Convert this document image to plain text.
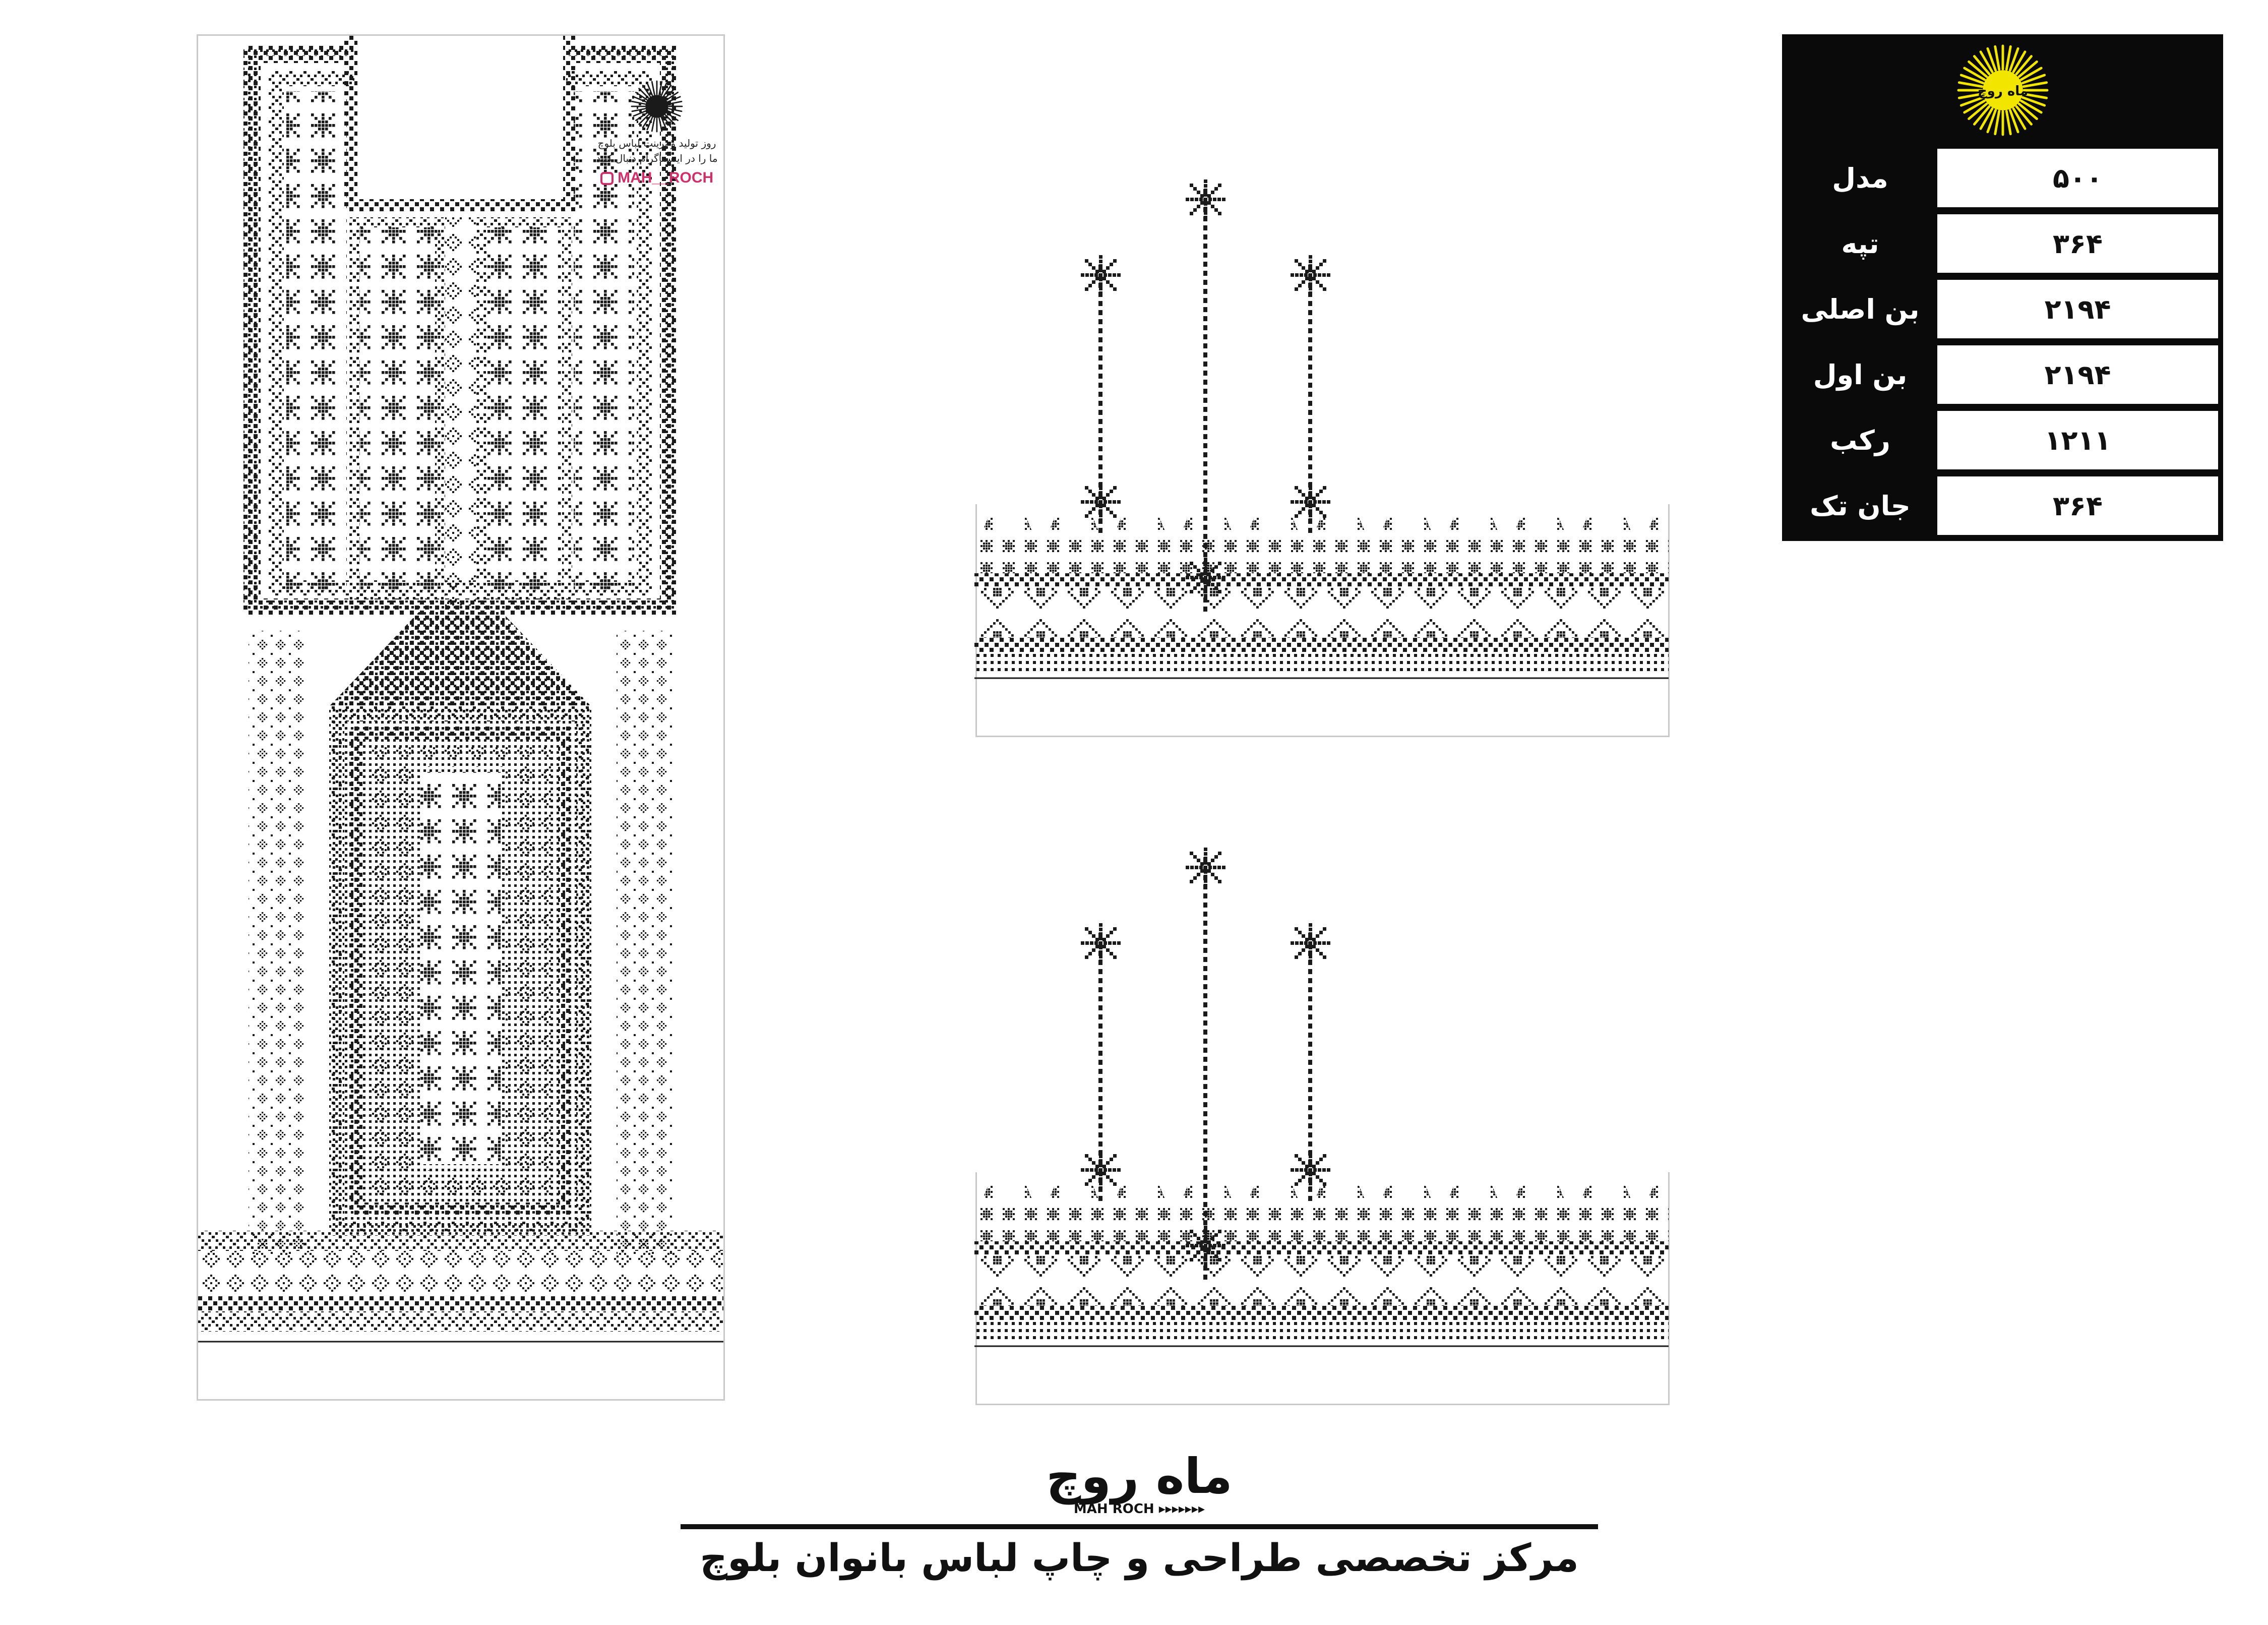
روز تولید و پرینت لباس بلوچ
ما را در اینستاگرام دنبال کنید
MAH__ROCH
ماه روچ
مدل	۵۰۰
تپه	۳۶۴
بن اصلی	۲۱۹۴
بن اول	۲۱۹۴
رکب	۱۲۱۱
جان تک	۳۶۴
ماه روچ
MAH ROCH ▸▸▸▸▸▸▸
مرکز تخصصی طراحی و چاپ لباس بانوان بلوچ
